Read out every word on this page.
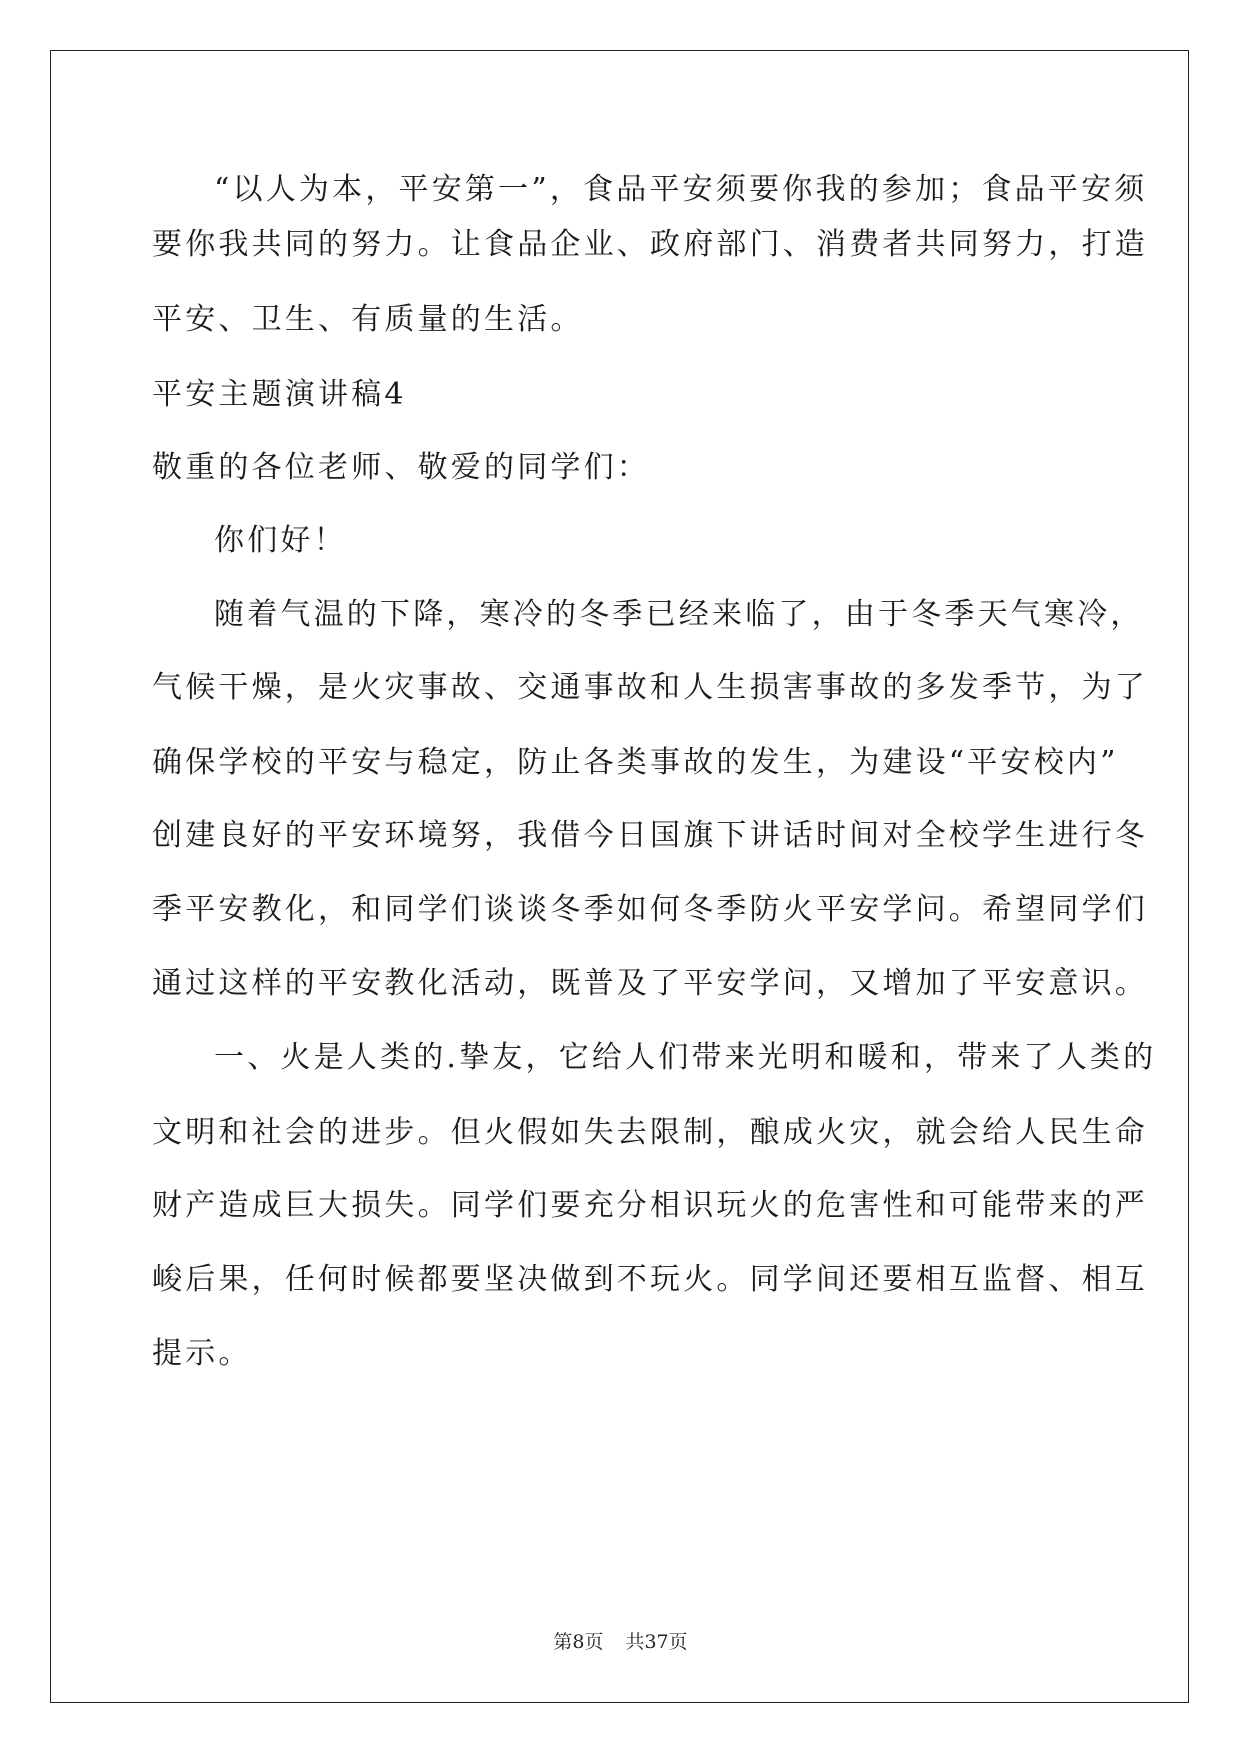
“以人为本，平安第一”，食品平安须要你我的参加；食品平安须

要你我共同的努力。让食品企业、政府部门、消费者共同努力，打造

平安、卫生、有质量的生活。

平安主题演讲稿4

敬重的各位老师、敬爱的同学们：

你们好！

随着气温的下降，寒冷的冬季已经来临了，由于冬季天气寒冷，

气候干燥，是火灾事故、交通事故和人生损害事故的多发季节，为了

确保学校的平安与稳定，防止各类事故的发生，为建设“平安校内”

创建良好的平安环境努，我借今日国旗下讲话时间对全校学生进行冬

季平安教化，和同学们谈谈冬季如何冬季防火平安学问。希望同学们

通过这样的平安教化活动，既普及了平安学问，又增加了平安意识。

一、火是人类的.挚友，它给人们带来光明和暖和，带来了人类的

文明和社会的进步。但火假如失去限制，酿成火灾，就会给人民生命

财产造成巨大损失。同学们要充分相识玩火的危害性和可能带来的严

峻后果，任何时候都要坚决做到不玩火。同学间还要相互监督、相互

提示。

第8页 共37页
